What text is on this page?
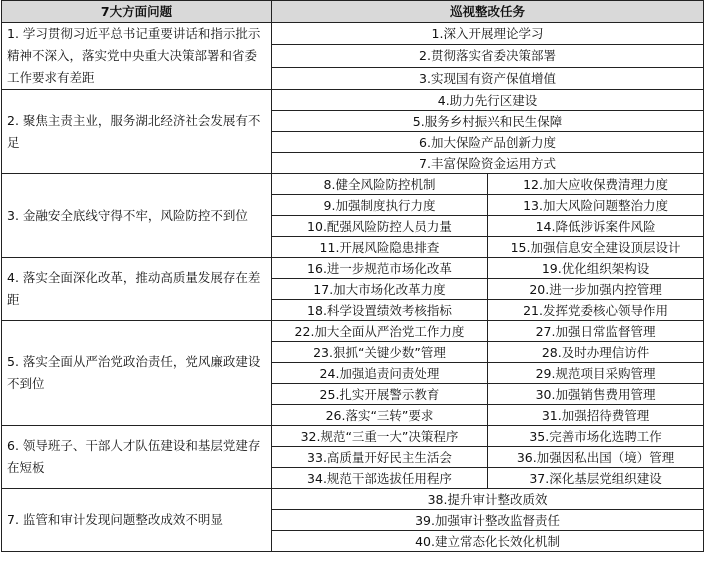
7大方面问题	巡视整改任务	
1. 学习贯彻习近平总书记重要讲话和指示批示精神不深入，落实党中央重大决策部署和省委工作要求有差距	1.深入开展理论学习	
	2.贯彻落实省委决策部署	
	3.实现国有资产保值增值	
2. 聚焦主责主业，服务湖北经济社会发展有不足	4.助力先行区建设	
	5.服务乡村振兴和民生保障	
	6.加大保险产品创新力度	
	7.丰富保险资金运用方式	
3. 金融安全底线守得不牢，风险防控不到位	8.健全风险防控机制	12.加大应收保费清理力度
	9.加强制度执行力度	13.加大风险问题整治力度
	10.配强风险防控人员力量	14.降低涉诉案件风险
	11.开展风险隐患排查	15.加强信息安全建设顶层设计
4. 落实全面深化改革，推动高质量发展存在差距	16.进一步规范市场化改革	19.优化组织架构设
	17.加大市场化改革力度	20.进一步加强内控管理
	18.科学设置绩效考核指标	21.发挥党委核心领导作用
5. 落实全面从严治党政治责任，党风廉政建设不到位	22.加大全面从严治党工作力度	27.加强日常监督管理
	23.狠抓“关键少数”管理	28.及时办理信访件
	24.加强追责问责处理	29.规范项目采购管理
	25.扎实开展警示教育	30.加强销售费用管理
	26.落实“三转”要求	31.加强招待费管理
6. 领导班子、干部人才队伍建设和基层党建存在短板	32.规范“三重一大”决策程序	35.完善市场化选聘工作
	33.高质量开好民主生活会	36.加强因私出国（境）管理
	34.规范干部选拔任用程序	37.深化基层党组织建设
7. 监管和审计发现问题整改成效不明显	38.提升审计整改质效	
	39.加强审计整改监督责任	
	40.建立常态化长效化机制	
